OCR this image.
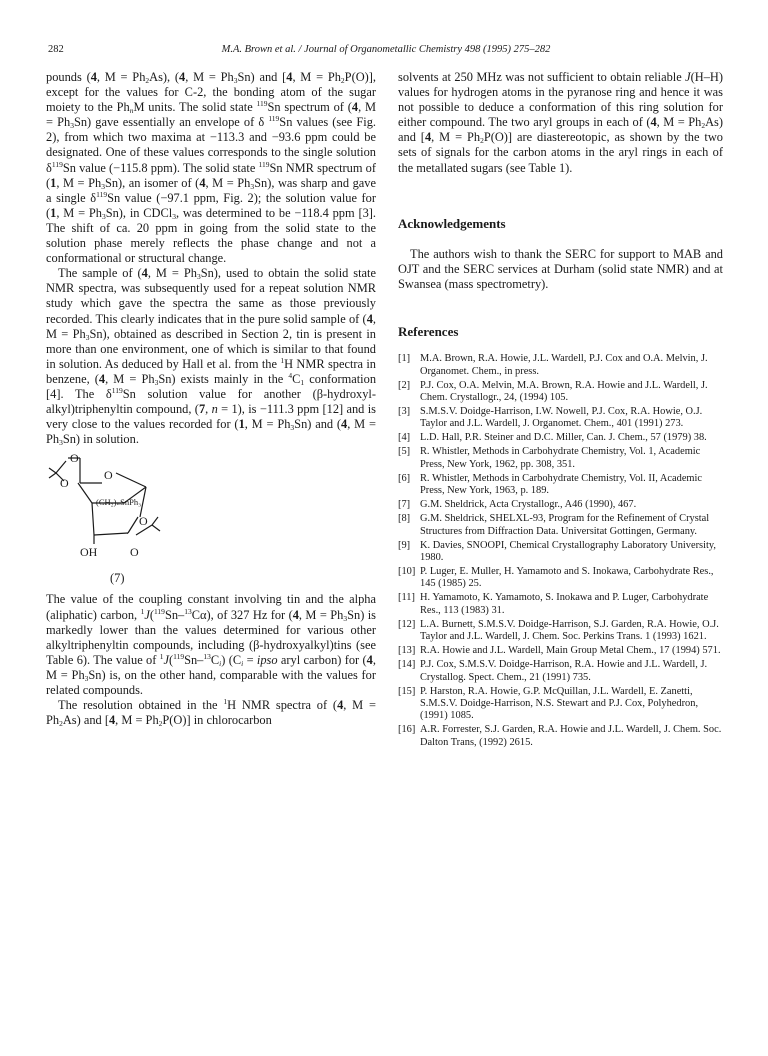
282	M.A. Brown et al. / Journal of Organometallic Chemistry 498 (1995) 275–282

pounds (4, $M = Ph_2As$), (4, $M = Ph_3Sn$) and [4, $M = Ph_2P(O)$], except for the values for C-2, the bonding atom of the sugar moiety to the $Ph_nM$ units. The solid state $^{119}$Sn spectrum of (4, $M = Ph_3Sn$) gave essentially an envelope of δ $^{119}$Sn values (see Fig. 2), from which two maxima at −113.3 and −93.6 ppm could be designated. One of these values corresponds to the single solution $\delta^{119}Sn$ value (−115.8 ppm). The solid state $^{119}$Sn NMR spectrum of (1, $M = Ph_3Sn$), an isomer of (4, $M = Ph_3Sn$), was sharp and gave a single $\delta^{119}Sn$ value (−97.1 ppm, Fig. 2); the solution value for (1, $M = Ph_3Sn$), in CDCl$_3$, was determined to be −118.4 ppm [3]. The shift of ca. 20 ppm in going from the solid state to the solution phase merely reflects the phase change and not a conformational or structural change.

The sample of (4, $M = Ph_3Sn$), used to obtain the solid state NMR spectra, was subsequently used for a repeat solution NMR study which gave the spectra the same as those previously recorded. This clearly indicates that in the pure solid sample of (4, $M = Ph_3Sn$), obtained as described in Section 2, tin is present in more than one environment, one of which is similar to that found in solution. As deduced by Hall et al. from the $^1$H NMR spectra in benzene, (4, $M = Ph_3Sn$) exists mainly in the $^4C_1$ conformation [4]. The $\delta^{119}Sn$ solution value for another (β-hydroxyl-alkyl)triphenyltin compound, (7, n = 1), is −111.3 ppm [12] and is very close to the values recorded for (1, $M = Ph_3Sn$) and (4, $M = Ph_3Sn$) in solution.

O
O
O
(CH₂)ₙSnPh₃
O
OH	O

(7)

The value of the coupling constant involving tin and the alpha (aliphatic) carbon, $^1$J($^{119}$Sn–$^{13}$Cα), of 327 Hz for (4, $M = Ph_3Sn$) is markedly lower than the values determined for various other alkyltriphenyltin compounds, including (β-hydroxyalkyl)tins (see Table 6). The value of $^1J(^{119}Sn-^{13}C_i) (C_i$ = ipso aryl carbon) for (4, $M = Ph_3Sn$) is, on the other hand, comparable with the values for related compounds.

The resolution obtained in the $^1$H NMR spectra of (4, $M = Ph_2As$) and [4, $M = Ph_2P(O)$] in chlorocarbon

solvents at 250 MHz was not sufficient to obtain reliable J(H–H) values for hydrogen atoms in the pyranose ring and hence it was not possible to deduce a conformation of this ring solution for either compound. The two aryl groups in each of (4, $M = Ph_2As$) and [4, $M = Ph_2P(O)$] are diastereotopic, as shown by the two sets of signals for the carbon atoms in the aryl rings in each of the metallated sugars (see Table 1).

Acknowledgements

The authors wish to thank the SERC for support to MAB and OJT and the SERC services at Durham (solid state NMR) and at Swansea (mass spectrometry).

References
[1] M.A. Brown, R.A. Howie, J.L. Wardell, P.J. Cox and O.A. Melvin, J. Organomet. Chem., in press.
[2] P.J. Cox, O.A. Melvin, M.A. Brown, R.A. Howie and J.L. Wardell, J. Chem. Crystallogr., 24, (1994) 105.
[3] S.M.S.V. Doidge-Harrison, I.W. Nowell, P.J. Cox, R.A. Howie, O.J. Taylor and J.L. Wardell, J. Organomet. Chem., 401 (1991) 273.
[4] L.D. Hall, P.R. Steiner and D.C. Miller, Can. J. Chem., 57 (1979) 38.
[5] R. Whistler, Methods in Carbohydrate Chemistry, Vol. 1, Academic Press, New York, 1962, pp. 308, 351.
[6] R. Whistler, Methods in Carbohydrate Chemistry, Vol. II, Academic Press, New York, 1963, p. 189.
[7] G.M. Sheldrick, Acta Crystallogr., A46 (1990), 467.
[8] G.M. Sheldrick, SHELXL-93, Program for the Refinement of Crystal Structures from Diffraction Data. Universitat Gottingen, Germany.
[9] K. Davies, SNOOPI, Chemical Crystallography Laboratory University, 1980.
[10] P. Luger, E. Muller, H. Yamamoto and S. Inokawa, Carbohydrate Res., 145 (1985) 25.
[11] H. Yamamoto, K. Yamamoto, S. Inokawa and P. Luger, Carbohydrate Res., 113 (1983) 31.
[12] L.A. Burnett, S.M.S.V. Doidge-Harrison, S.J. Garden, R.A. Howie, O.J. Taylor and J.L. Wardell, J. Chem. Soc. Perkins Trans. 1 (1993) 1621.
[13] R.A. Howie and J.L. Wardell, Main Group Metal Chem., 17 (1994) 571.
[14] P.J. Cox, S.M.S.V. Doidge-Harrison, R.A. Howie and J.L. Wardell, J. Crystallog. Spect. Chem., 21 (1991) 735.
[15] P. Harston, R.A. Howie, G.P. McQuillan, J.L. Wardell, E. Zanetti, S.M.S.V. Doidge-Harrison, N.S. Stewart and P.J. Cox, Polyhedron, (1991) 1085.
[16] A.R. Forrester, S.J. Garden, R.A. Howie and J.L. Wardell, J. Chem. Soc. Dalton Trans, (1992) 2615.
